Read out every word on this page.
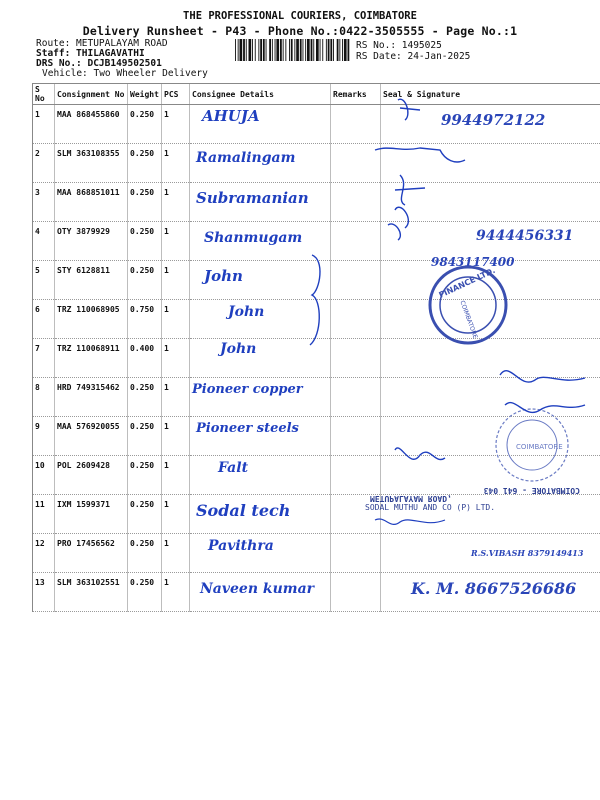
THE PROFESSIONAL COURIERS, COIMBATORE
Delivery Runsheet - P43 - Phone No.:0422-3505555 - Page No.:1
Route: METUPALAYAM ROAD
Staff: THILAGAVATHI
DRS No.: DCJB149502501
Vehicle: Two Wheeler Delivery
RS No.: 1495025
RS Date: 24-Jan-2025
S No	Consignment No	Weight	PCS	Consignee Details	Remarks	Seal & Signature
1	MAA 868455860	0.250	1	AHUJA		9944972122

2	SLM 363108355	0.250	1	Ramalingam		

3	MAA 868851011	0.250	1	Subramanian		

4	OTY 3879929	0.250	1	Shanmugam		9444456331

5	STY 6128811	0.250	1	John		9843117400

6	TRZ 110068905	0.750	1	John		

7	TRZ 110068911	0.400	1	John		

8	HRD 749315462	0.250	1	Pioneer copper		

9	MAA 576920055	0.250	1	Pioneer steels		

10	POL 2609428	0.250	1	Falt		

11	IXM 1599371	0.250	1	Sodal tech		

12	PRO 17456562	0.250	1	Pavithra		R.S.VIBASH 8379149413

13	SLM 363102551	0.250	1	Naveen kumar		K. M. 8667526686
FINANCE LTD.
COIMBATORE
COIMBATORE
COIMBATORE - 641 043
METUPALAYAM ROAD,
SODAL MUTHU AND CO (P) LTD.
